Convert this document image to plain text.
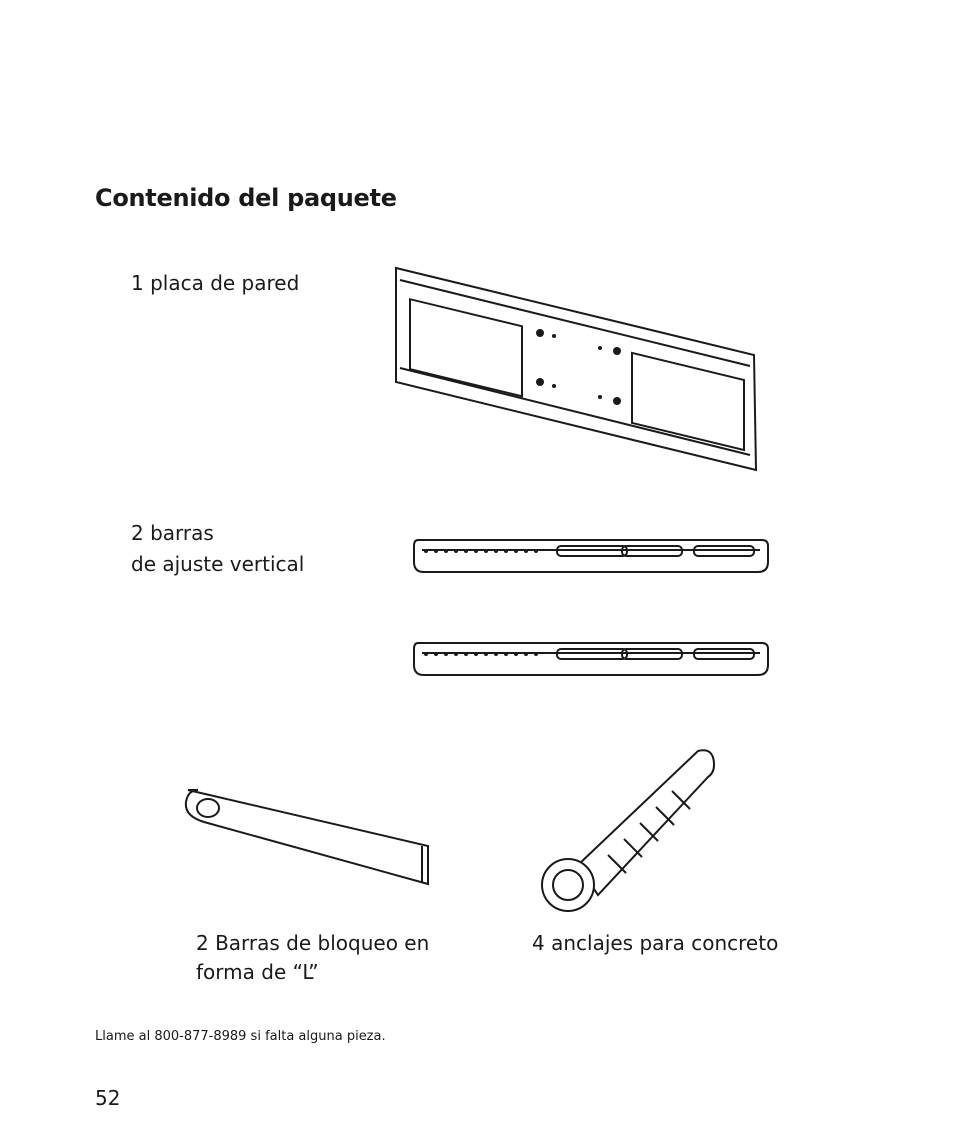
Contenido del paquete
1 placa de pared
2 barras
de ajuste vertical
2 Barras de bloqueo en
forma de “L”
4 anclajes para concreto
Llame al 800-877-8989 si falta alguna pieza.
52
